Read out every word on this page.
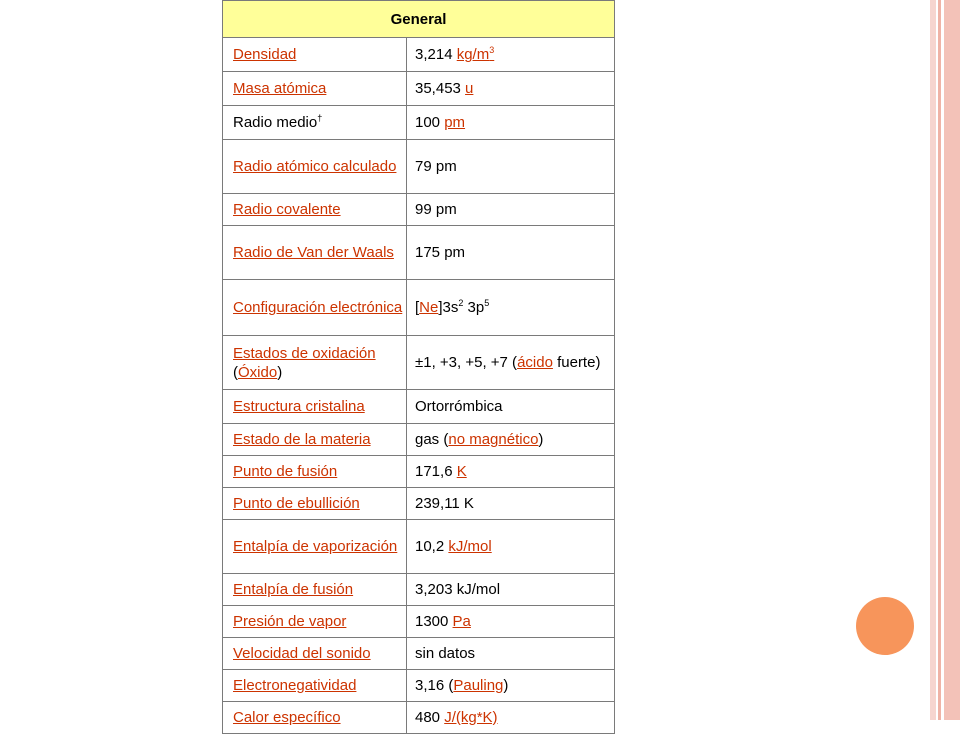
General	
Densidad	3,214 $kg/m^3$
Masa atómica	35,453 u
Radio medio†	100 pm
Radio atómico calculado	79 pm
Radio covalente	99 pm
Radio de Van der Waals	175 pm
Configuración electrónica	$[Ne]3s^2$ $3p^5$
Estados de oxidación (Óxido)	±1, +3, +5, +7 (ácido fuerte)
Estructura cristalina	Ortorrómbica
Estado de la materia	gas (no magnético)
Punto de fusión	171,6 K
Punto de ebullición	239,11 K
Entalpía de vaporización	10,2 kJ/mol
Entalpía de fusión	3,203 kJ/mol
Presión de vapor	1300 Pa
Velocidad del sonido	sin datos
Electronegatividad	3,16 (Pauling)
Calor específico	480 J/(kg*K)
